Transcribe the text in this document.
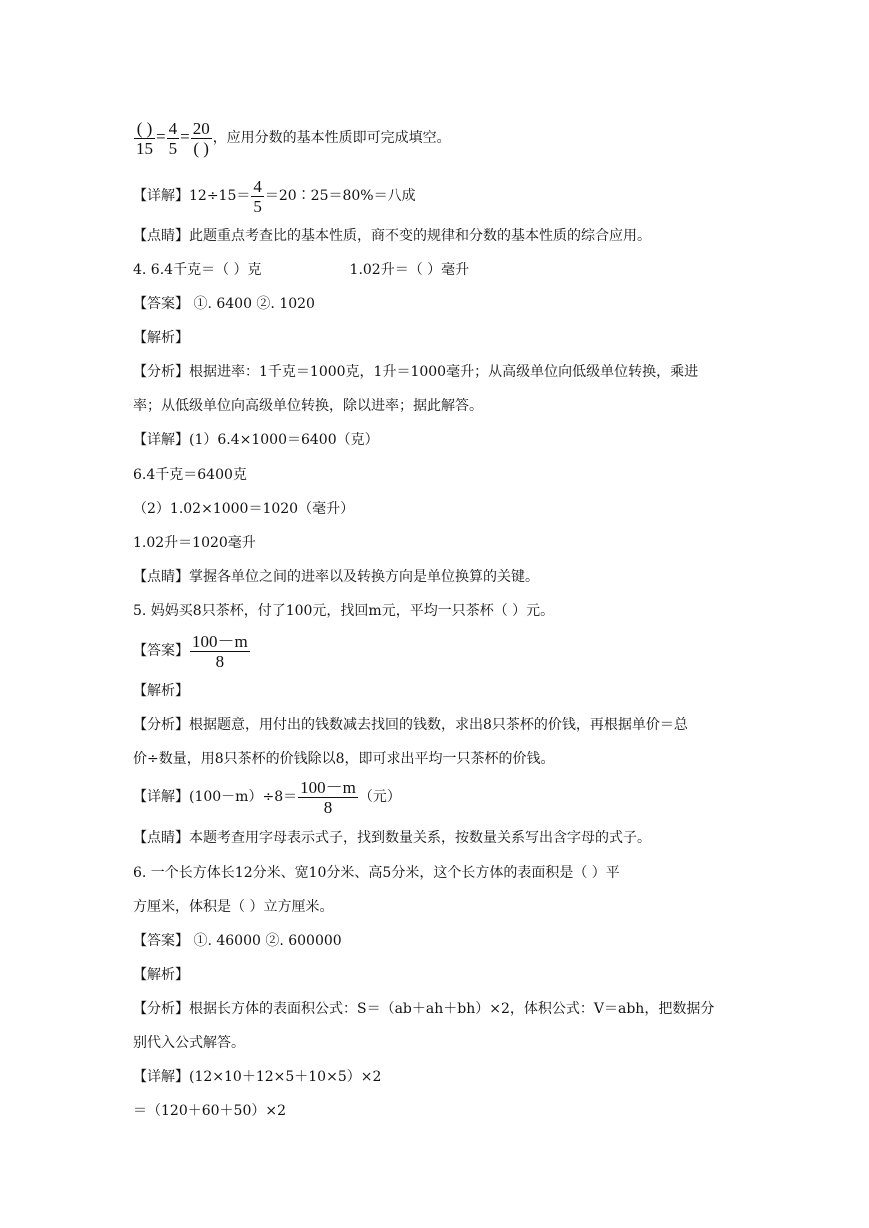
$\frac{( )}{15} = \frac{4}{5} = \frac{20}{( )}$ ，应用分数的基本性质即可完成填空。
【详解】$12\div 15= \frac{4}{5}$ ＝20∶25＝80%＝八成
【点睛】此题重点考查比的基本性质，商不变的规律和分数的基本性质的综合应用。
4. 6.4千克＝（ ）克	1.02升＝（ ）毫升
【答案】 ①. 6400 ②. 1020
【解析】
【分析】根据进率：1千克＝1000克，1升＝1000毫升；从高级单位向低级单位转换，乘进
率；从低级单位向高级单位转换，除以进率；据此解答。
【详解】(1）6.4×1000＝6400（克）
6.4千克＝6400克
（2）1.02×1000＝1020（毫升）
1.02升＝1020毫升
【点睛】掌握各单位之间的进率以及转换方向是单位换算的关键。
5. 妈妈买8只茶杯，付了100元，找回m元，平均一只茶杯（ ）元。
【答案】 $\frac{100-m}{8}$
【解析】
【分析】根据题意，用付出的钱数减去找回的钱数，求出8只茶杯的价钱，再根据单价＝总
价÷数量，用8只茶杯的价钱除以8，即可求出平均一只茶杯的价钱。
【详解】$(100-m)\div 8= \frac{100-m}{8}$ （元）
【点睛】本题考查用字母表示式子，找到数量关系，按数量关系写出含字母的式子。
6. 一个长方体长12分米、宽10分米、高5分米，这个长方体的表面积是（ ）平
方厘米，体积是（ ）立方厘米。
【答案】 ①. 46000 ②. 600000
【解析】
【分析】根据长方体的表面积公式：S＝（ab＋ah＋bh）×2，体积公式：V＝abh，把数据分
别代入公式解答。
【详解】(12×10＋12×5＋10×5）×2
＝（120＋60＋50）×2
